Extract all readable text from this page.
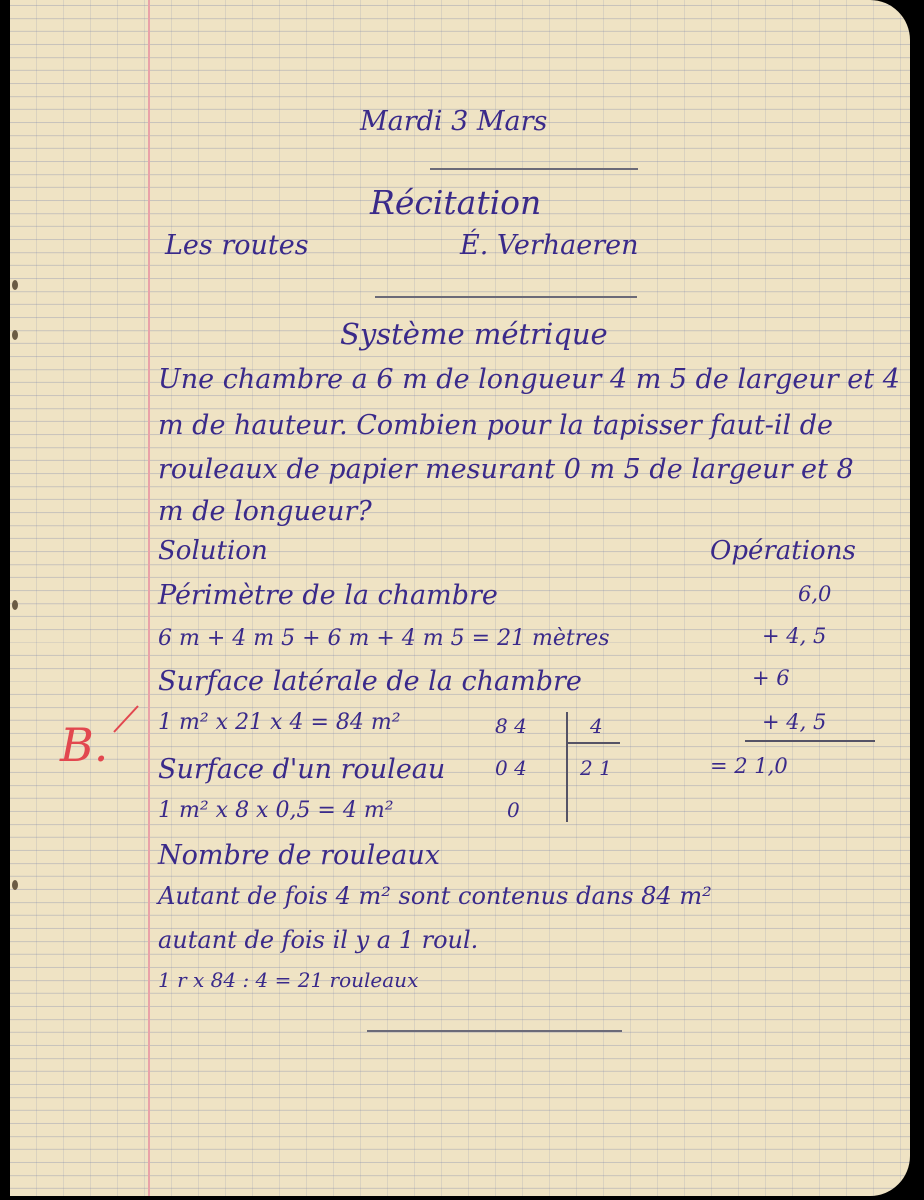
Mardi 3 Mars
Récitation
Les routes	É. Verhaeren
Système métrique
Une chambre a 6 m de longueur 4 m 5 de largeur et 4
m de hauteur. Combien pour la tapisser faut-il de
rouleaux de papier mesurant 0 m 5 de largeur et 8
m de longueur?
Solution	Opérations
Périmètre de la chambre
6 m + 4 m 5 + 6 m + 4 m 5 = 21 mètres
Surface latérale de la chambre
1 m² x 21 x 4 = 84 m²
Surface d'un rouleau
1 m² x 8 x 0,5 = 4 m²
Nombre de rouleaux
Autant de fois 4 m² sont contenus dans 84 m²
autant de fois il y a 1 roul.
1 r x 84 : 4 = 21 rouleaux
8 4	4
0 4	2 1
0
6,0
+ 4, 5
+ 6
+ 4, 5
= 2 1,0
B.
